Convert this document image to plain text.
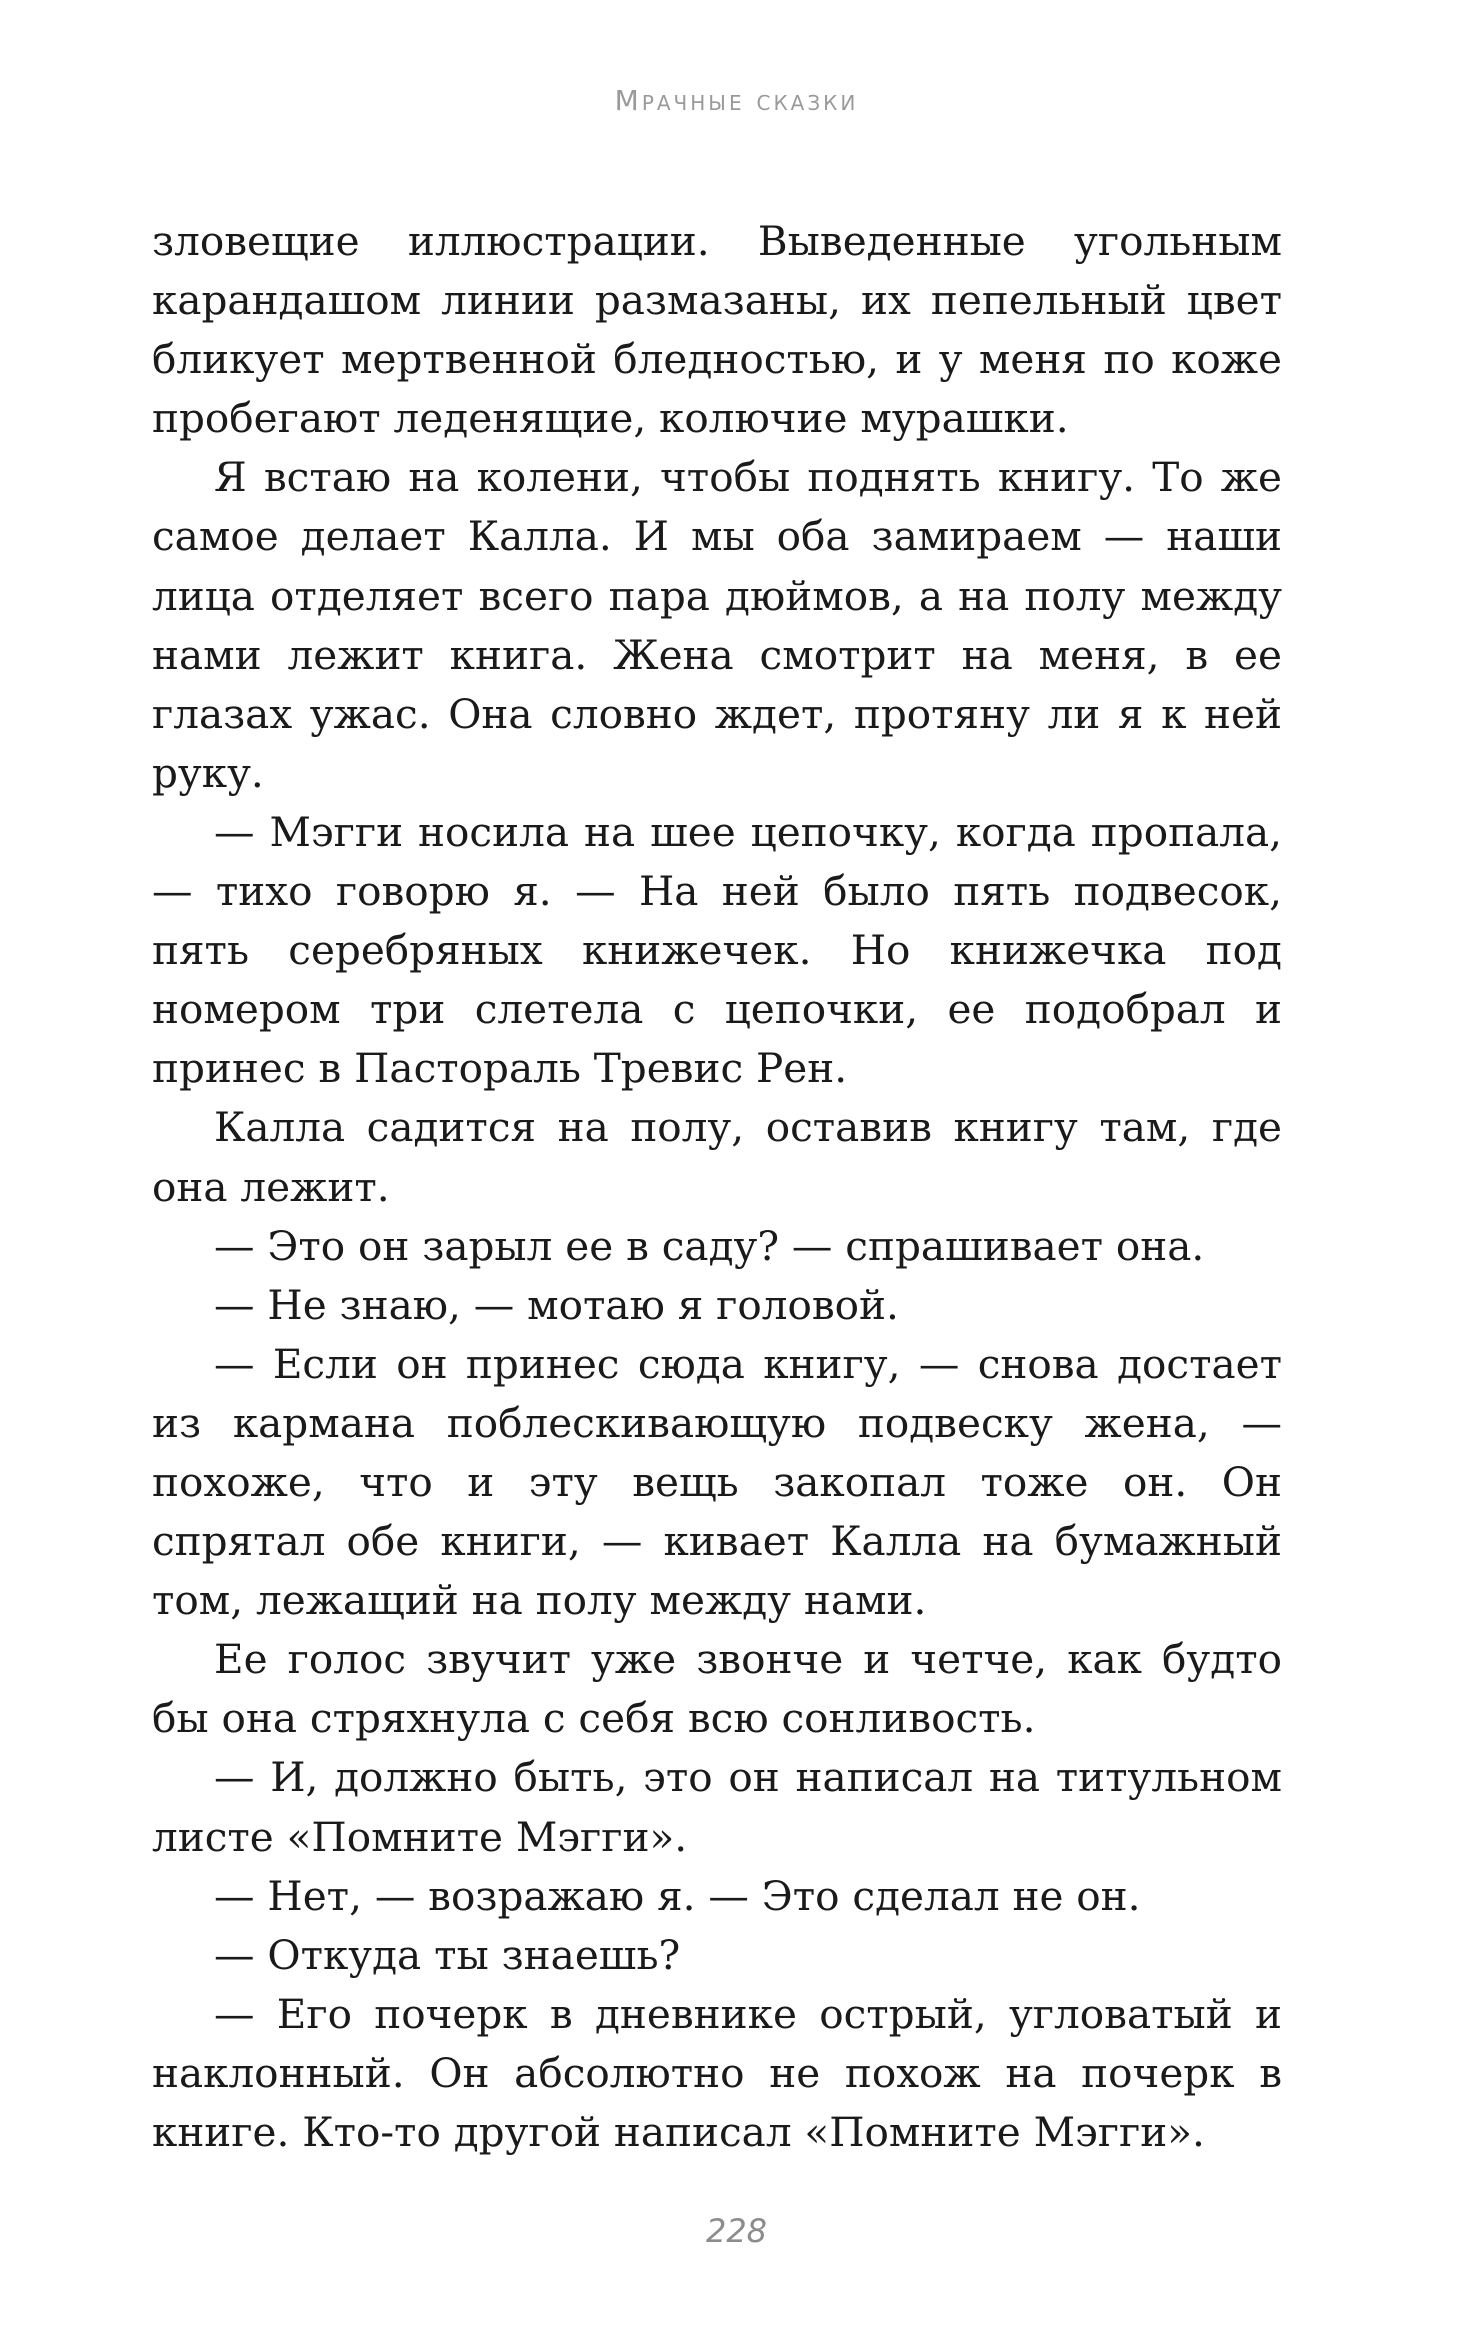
Мрачные сказки

зловещие иллюстрации. Выведенные угольным карандашом линии размазаны, их пепельный цвет бликует мертвенной бледностью, и у меня по коже пробегают леденящие, колючие мурашки.

Я встаю на колени, чтобы поднять книгу. То же самое делает Калла. И мы оба замираем — наши лица отделяет всего пара дюймов, а на полу между нами лежит книга. Жена смотрит на меня, в ее глазах ужас. Она словно ждет, протяну ли я к ней руку.

— Мэгги носила на шее цепочку, когда пропала, — тихо говорю я. — На ней было пять подвесок, пять серебряных книжечек. Но книжечка под номером три слетела с цепочки, ее подобрал и принес в Пастораль Тревис Рен.

Калла садится на полу, оставив книгу там, где она лежит.

— Это он зарыл ее в саду? — спрашивает она.

— Не знаю, — мотаю я головой.

— Если он принес сюда книгу, — снова достает из кармана поблескивающую подвеску жена, — похоже, что и эту вещь закопал тоже он. Он спрятал обе книги, — кивает Калла на бумажный том, лежащий на полу между нами.

Ее голос звучит уже звонче и четче, как будто бы она стряхнула с себя всю сонливость.

— И, должно быть, это он написал на титульном листе «Помните Мэгги».

— Нет, — возражаю я. — Это сделал не он.

— Откуда ты знаешь?

— Его почерк в дневнике острый, угловатый и наклонный. Он абсолютно не похож на почерк в книге. Кто-то другой написал «Помните Мэгги».

228
